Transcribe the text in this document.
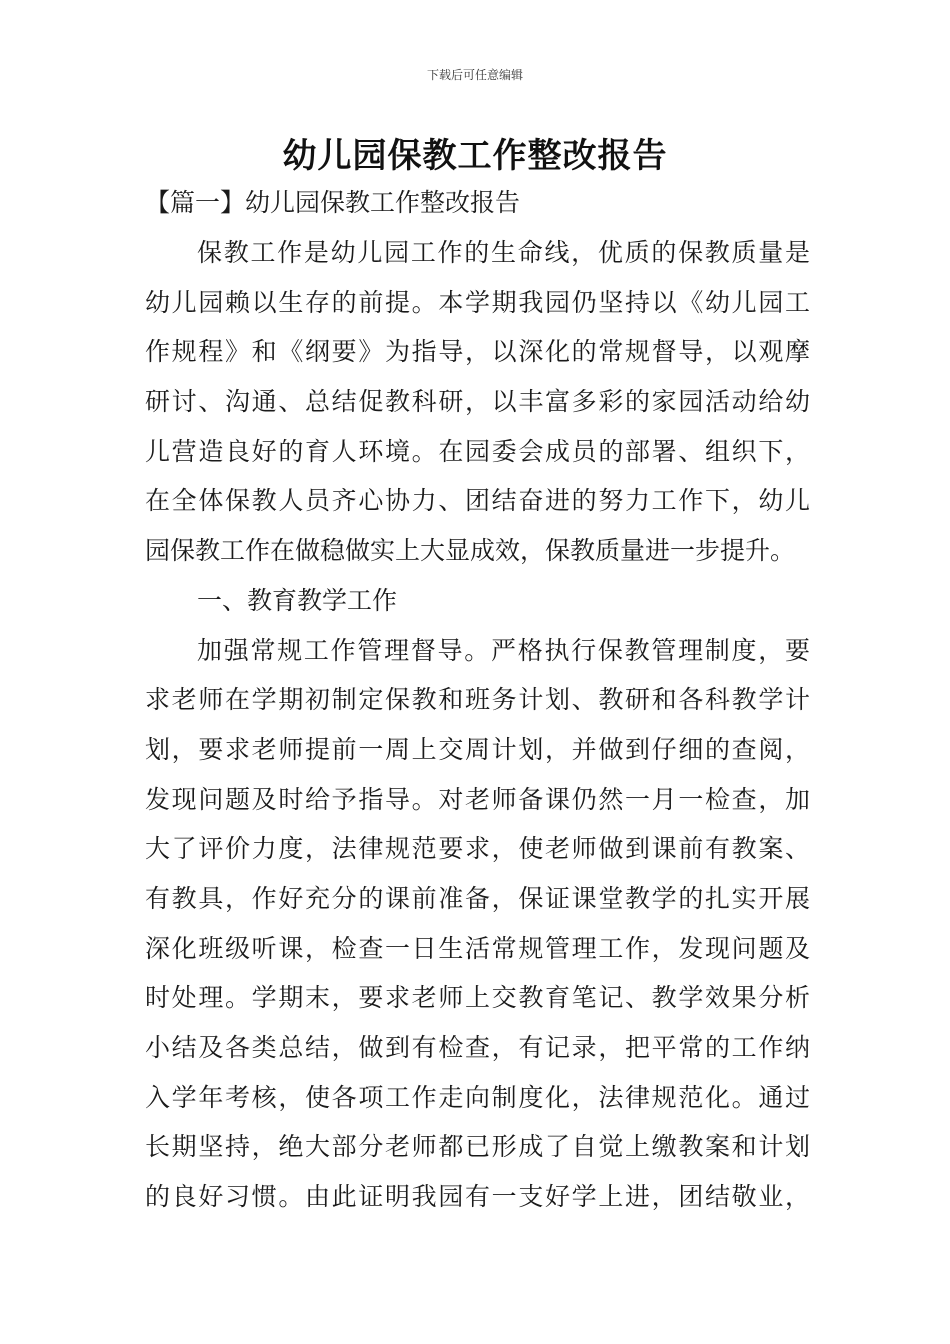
下载后可任意编辑
幼儿园保教工作整改报告

【篇一】幼儿园保教工作整改报告

保教工作是幼儿园工作的生命线，优质的保教质量是
幼儿园赖以生存的前提。本学期我园仍坚持以《幼儿园工
作规程》和《纲要》为指导，以深化的常规督导，以观摩
研讨、沟通、总结促教科研，以丰富多彩的家园活动给幼
儿营造良好的育人环境。在园委会成员的部署、组织下，
在全体保教人员齐心协力、团结奋进的努力工作下，幼儿
园保教工作在做稳做实上大显成效，保教质量进一步提升。
一、教育教学工作
加强常规工作管理督导。严格执行保教管理制度，要
求老师在学期初制定保教和班务计划、教研和各科教学计
划，要求老师提前一周上交周计划，并做到仔细的查阅，
发现问题及时给予指导。对老师备课仍然一月一检查，加
大了评价力度，法律规范要求，使老师做到课前有教案、
有教具，作好充分的课前准备，保证课堂教学的扎实开展
深化班级听课，检查一日生活常规管理工作，发现问题及
时处理。学期末，要求老师上交教育笔记、教学效果分析
小结及各类总结，做到有检查，有记录，把平常的工作纳
入学年考核，使各项工作走向制度化，法律规范化。通过
长期坚持，绝大部分老师都已形成了自觉上缴教案和计划
的良好习惯。由此证明我园有一支好学上进，团结敬业，
